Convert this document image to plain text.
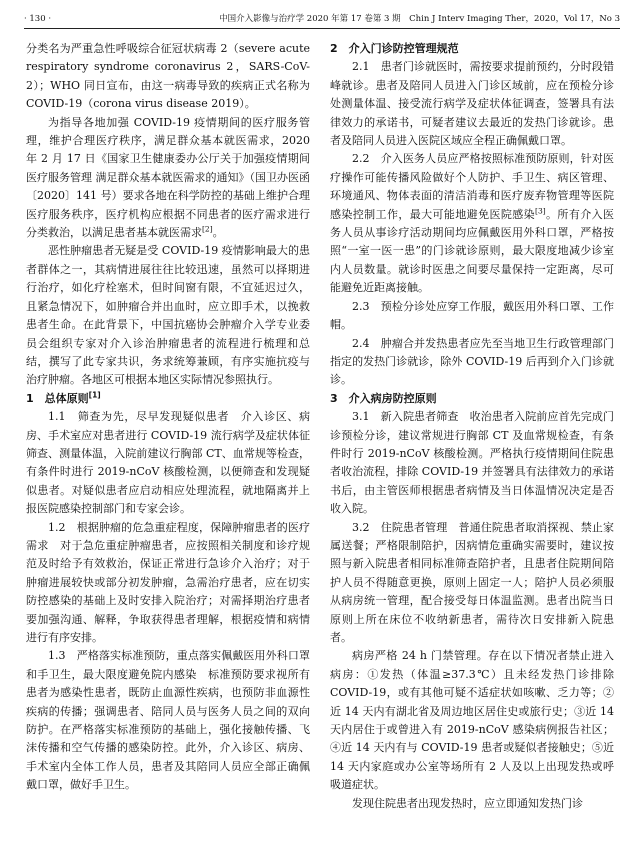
· 130 ·	中国介入影像与治疗学 2020 年第 17 卷第 3 期　Chin J Interv Imaging Ther，2020，Vol 17，No 3

分类名为严重急性呼吸综合征冠状病毒 2（severe acute respiratory syndrome coronavirus 2，SARS-CoV-2）；WHO 同日宣布，由这一病毒导致的疾病正式名称为 COVID-19（corona virus disease 2019）。

为指导各地加强 COVID-19 疫情期间的医疗服务管理，维护合理医疗秩序，满足群众基本就医需求，2020 年 2 月 17 日《国家卫生健康委办公厅关于加强疫情期间医疗服务管理 满足群众基本就医需求的通知》（国卫办医函〔2020〕141 号）要求各地在科学防控的基础上维护合理医疗服务秩序，医疗机构应根据不同患者的医疗需求进行分类救治，以满足患者基本就医需求[2]。

恶性肿瘤患者无疑是受 COVID-19 疫情影响最大的患者群体之一，其病情进展往往比较迅速，虽然可以择期进行治疗，如化疗栓塞术，但时间窗有限，不宜延迟过久，且紧急情况下，如肿瘤合并出血时，应立即手术，以挽救患者生命。在此背景下，中国抗癌协会肿瘤介入学专业委员会组织专家对介入诊治肿瘤患者的流程进行梳理和总结，撰写了此专家共识，务求统筹兼顾，有序实施抗疫与治疗肿瘤。各地区可根据本地区实际情况参照执行。

1　总体原则[1]

1.1　筛查为先，尽早发现疑似患者　介入诊区、病房、手术室应对患者进行 COVID-19 流行病学及症状体征筛查、测量体温，入院前建议行胸部 CT、血常规等检查，有条件时进行 2019-nCoV 核酸检测，以便筛查和发现疑似患者。对疑似患者应启动相应处理流程，就地隔离并上报医院感染控制部门和专家会诊。

1.2　根据肿瘤的危急重症程度，保障肿瘤患者的医疗需求　对于急危重症肿瘤患者，应按照相关制度和诊疗规范及时给予有效救治，保证正常进行急诊介入治疗；对于肿瘤进展较快或部分初发肿瘤，急需治疗患者，应在切实防控感染的基础上及时安排入院治疗；对需择期治疗患者要加强沟通、解释，争取获得患者理解，根据疫情和病情进行有序安排。

1.3　严格落实标准预防，重点落实佩戴医用外科口罩和手卫生，最大限度避免院内感染　标准预防要求视所有患者为感染性患者，既防止血源性疾病，也预防非血源性疾病的传播；强调患者、陪同人员与医务人员之间的双向防护。在严格落实标准预防的基础上，强化接触传播、飞沫传播和空气传播的感染防控。此外，介入诊区、病房、手术室内全体工作人员，患者及其陪同人员应全部正确佩戴口罩，做好手卫生。

2　介入门诊防控管理规范

2.1　患者门诊就医时，需按要求提前预约，分时段错峰就诊。患者及陪同人员进入门诊区域前，应在预检分诊处测量体温、接受流行病学及症状体征调查，签署具有法律效力的承诺书，可疑者建议去最近的发热门诊就诊。患者及陪同人员进入医院区域应全程正确佩戴口罩。

2.2　介入医务人员应严格按照标准预防原则，针对医疗操作可能传播风险做好个人防护、手卫生、病区管理、环境通风、物体表面的清洁消毒和医疗废弃物管理等医院感染控制工作，最大可能地避免医院感染[3]。所有介入医务人员从事诊疗活动期间均应佩戴医用外科口罩，严格按照“一室一医一患”的门诊就诊原则，最大限度地减少诊室内人员数量。就诊时医患之间要尽量保持一定距离，尽可能避免近距离接触。

2.3　预检分诊处应穿工作服，戴医用外科口罩、工作帽。

2.4　肿瘤合并发热患者应先至当地卫生行政管理部门指定的发热门诊就诊，除外 COVID-19 后再到介入门诊就诊。

3　介入病房防控原则

3.1　新入院患者筛查　收治患者入院前应首先完成门诊预检分诊，建议常规进行胸部 CT 及血常规检查，有条件时行 2019-nCoV 核酸检测。严格执行疫情期间住院患者收治流程，排除 COVID-19 并签署具有法律效力的承诺书后，由主管医师根据患者病情及当日体温情况决定是否收入院。

3.2　住院患者管理　普通住院患者取消探视、禁止家属送餐；严格限制陪护，因病情危重确实需要时，建议按照与新入院患者相同标准筛查陪护者，且患者住院期间陪护人员不得随意更换，原则上固定一人；陪护人员必须服从病房统一管理，配合接受每日体温监测。患者出院当日原则上所在床位不收纳新患者，需待次日安排新入院患者。

病房严格 24 h 门禁管理。存在以下情况者禁止进入病房：①发热（体温≥37.3℃）且未经发热门诊排除 COVID-19，或有其他可疑不适症状如咳嗽、乏力等；②近 14 天内有湖北省及周边地区居住史或旅行史；③近 14 天内居住于或曾进入有 2019-nCoV 感染病例报告社区；④近 14 天内有与 COVID-19 患者或疑似者接触史；⑤近 14 天内家庭或办公室等场所有 2 人及以上出现发热或呼吸道症状。

发现住院患者出现发热时，应立即通知发热门诊
